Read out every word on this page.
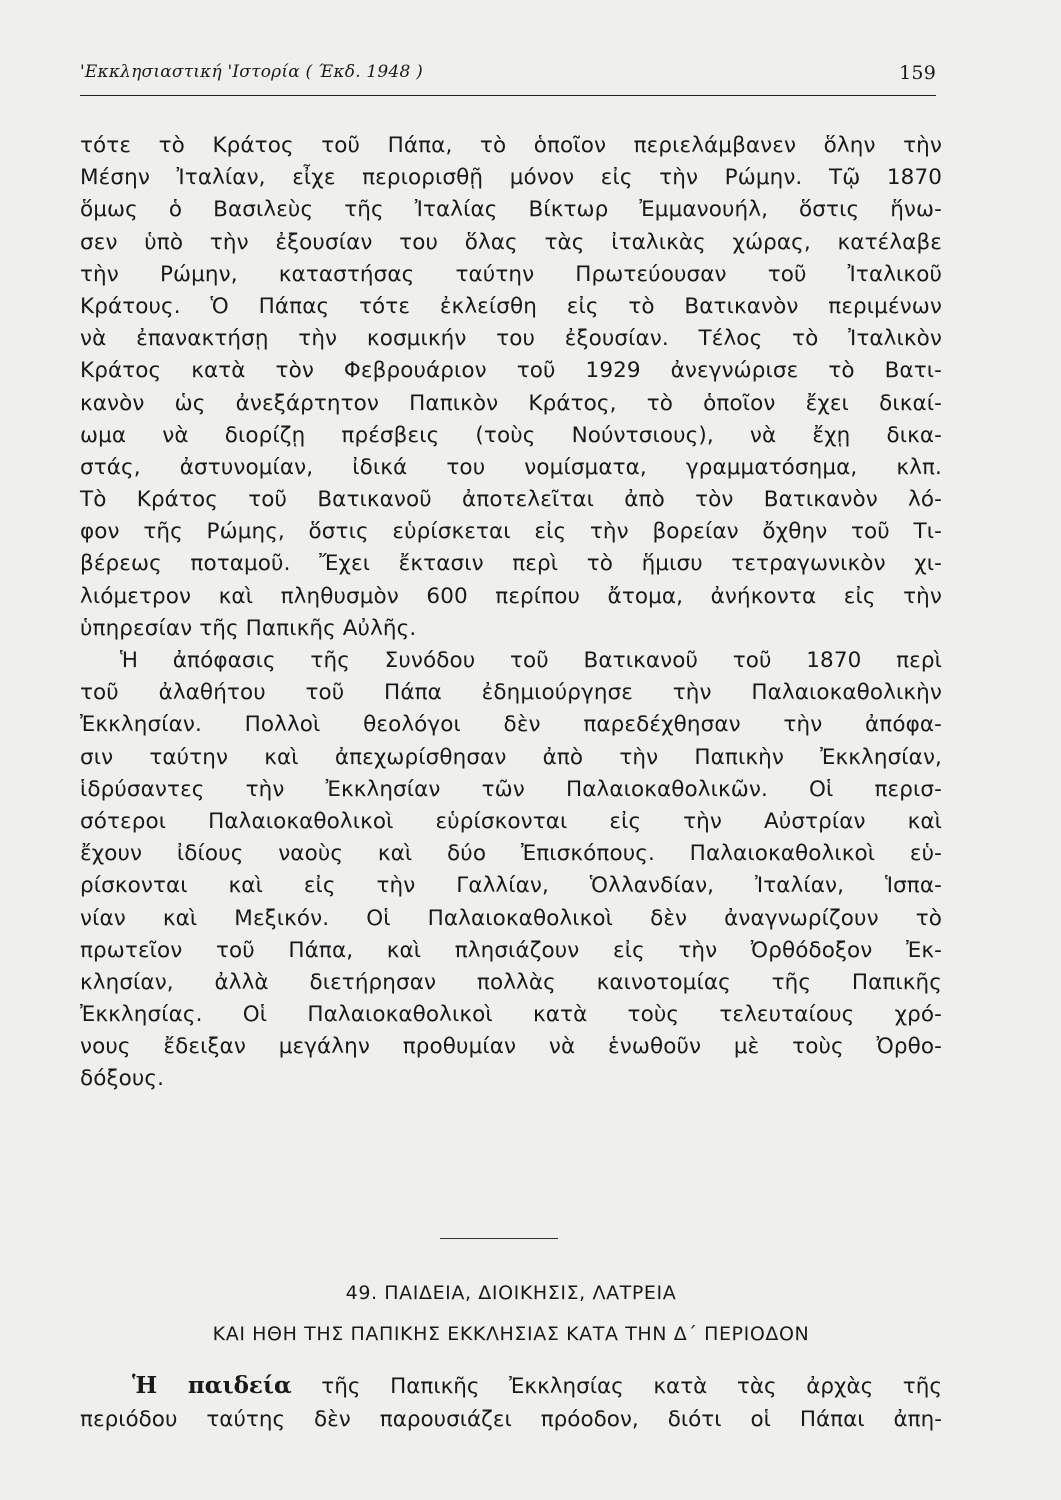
'Εκκλησιαστική 'Ιστορία ( Έκδ. 1948 )	159
τότε τὸ Κράτος τοῦ Πάπα, τὸ ὁποῖον περιελάμβανεν ὅλην τὴν
Μέσην Ἰταλίαν, εἶχε περιορισθῇ μόνον εἰς τὴν Ρώμην. Τῷ 1870
ὅμως ὁ Βασιλεὺς τῆς Ἰταλίας Βίκτωρ Ἐμμανουήλ, ὅστις ἥνω-
σεν ὑπὸ τὴν ἐξουσίαν του ὅλας τὰς ἰταλικὰς χώρας, κατέλαβε
τὴν Ρώμην, καταστήσας ταύτην Πρωτεύουσαν τοῦ Ἰταλικοῦ
Κράτους. Ὁ Πάπας τότε ἐκλείσθη εἰς τὸ Βατικανὸν περιμένων
νὰ ἐπανακτήσῃ τὴν κοσμικήν του ἐξουσίαν. Τέλος τὸ Ἰταλικὸν
Κράτος κατὰ τὸν Φεβρουάριον τοῦ 1929 ἀνεγνώρισε τὸ Βατι-
κανὸν ὡς ἀνεξάρτητον Παπικὸν Κράτος, τὸ ὁποῖον ἔχει δικαί-
ωμα νὰ διορίζῃ πρέσβεις (τοὺς Νούντσιους), νὰ ἔχῃ δικα-
στάς, ἀστυνομίαν, ἰδικά του νομίσματα, γραμματόσημα, κλπ.
Τὸ Κράτος τοῦ Βατικανοῦ ἀποτελεῖται ἀπὸ τὸν Βατικανὸν λό-
φον τῆς Ρώμης, ὅστις εὑρίσκεται εἰς τὴν βορείαν ὄχθην τοῦ Τι-
βέρεως ποταμοῦ. Ἔχει ἔκτασιν περὶ τὸ ἥμισυ τετραγωνικὸν χι-
λιόμετρον καὶ πληθυσμὸν 600 περίπου ἄτομα, ἀνήκοντα εἰς τὴν
ὑπηρεσίαν τῆς Παπικῆς Αὐλῆς.
Ἡ ἀπόφασις τῆς Συνόδου τοῦ Βατικανοῦ τοῦ 1870 περὶ
τοῦ ἀλαθήτου τοῦ Πάπα ἐδημιούργησε τὴν Παλαιοκαθολικὴν
Ἐκκλησίαν. Πολλοὶ θεολόγοι δὲν παρεδέχθησαν τὴν ἀπόφα-
σιν ταύτην καὶ ἀπεχωρίσθησαν ἀπὸ τὴν Παπικὴν Ἐκκλησίαν,
ἱδρύσαντες τὴν Ἐκκλησίαν τῶν Παλαιοκαθολικῶν. Οἱ περισ-
σότεροι Παλαιοκαθολικοὶ εὑρίσκονται εἰς τὴν Αὐστρίαν καὶ
ἔχουν ἰδίους ναοὺς καὶ δύο Ἐπισκόπους. Παλαιοκαθολικοὶ εὑ-
ρίσκονται καὶ εἰς τὴν Γαλλίαν, Ὁλλανδίαν, Ἰταλίαν, Ἱσπα-
νίαν καὶ Μεξικόν. Οἱ Παλαιοκαθολικοὶ δὲν ἀναγνωρίζουν τὸ
πρωτεῖον τοῦ Πάπα, καὶ πλησιάζουν εἰς τὴν Ὀρθόδοξον Ἐκ-
κλησίαν, ἀλλὰ διετήρησαν πολλὰς καινοτομίας τῆς Παπικῆς
Ἐκκλησίας. Οἱ Παλαιοκαθολικοὶ κατὰ τοὺς τελευταίους χρό-
νους ἔδειξαν μεγάλην προθυμίαν νὰ ἑνωθοῦν μὲ τοὺς Ὀρθο-
δόξους.
49. ΠΑΙΔΕΙΑ, ΔΙΟΙΚΗΣΙΣ, ΛΑΤΡΕΙΑ
ΚΑΙ ΗΘΗ ΤΗΣ ΠΑΠΙΚΗΣ ΕΚΚΛΗΣΙΑΣ ΚΑΤΑ ΤΗΝ Δ΄ ΠΕΡΙΟΔΟΝ
Ἡ παιδεία τῆς Παπικῆς Ἐκκλησίας κατὰ τὰς ἀρχὰς τῆς
περιόδου ταύτης δὲν παρουσιάζει πρόοδον, διότι οἱ Πάπαι ἀπη-
